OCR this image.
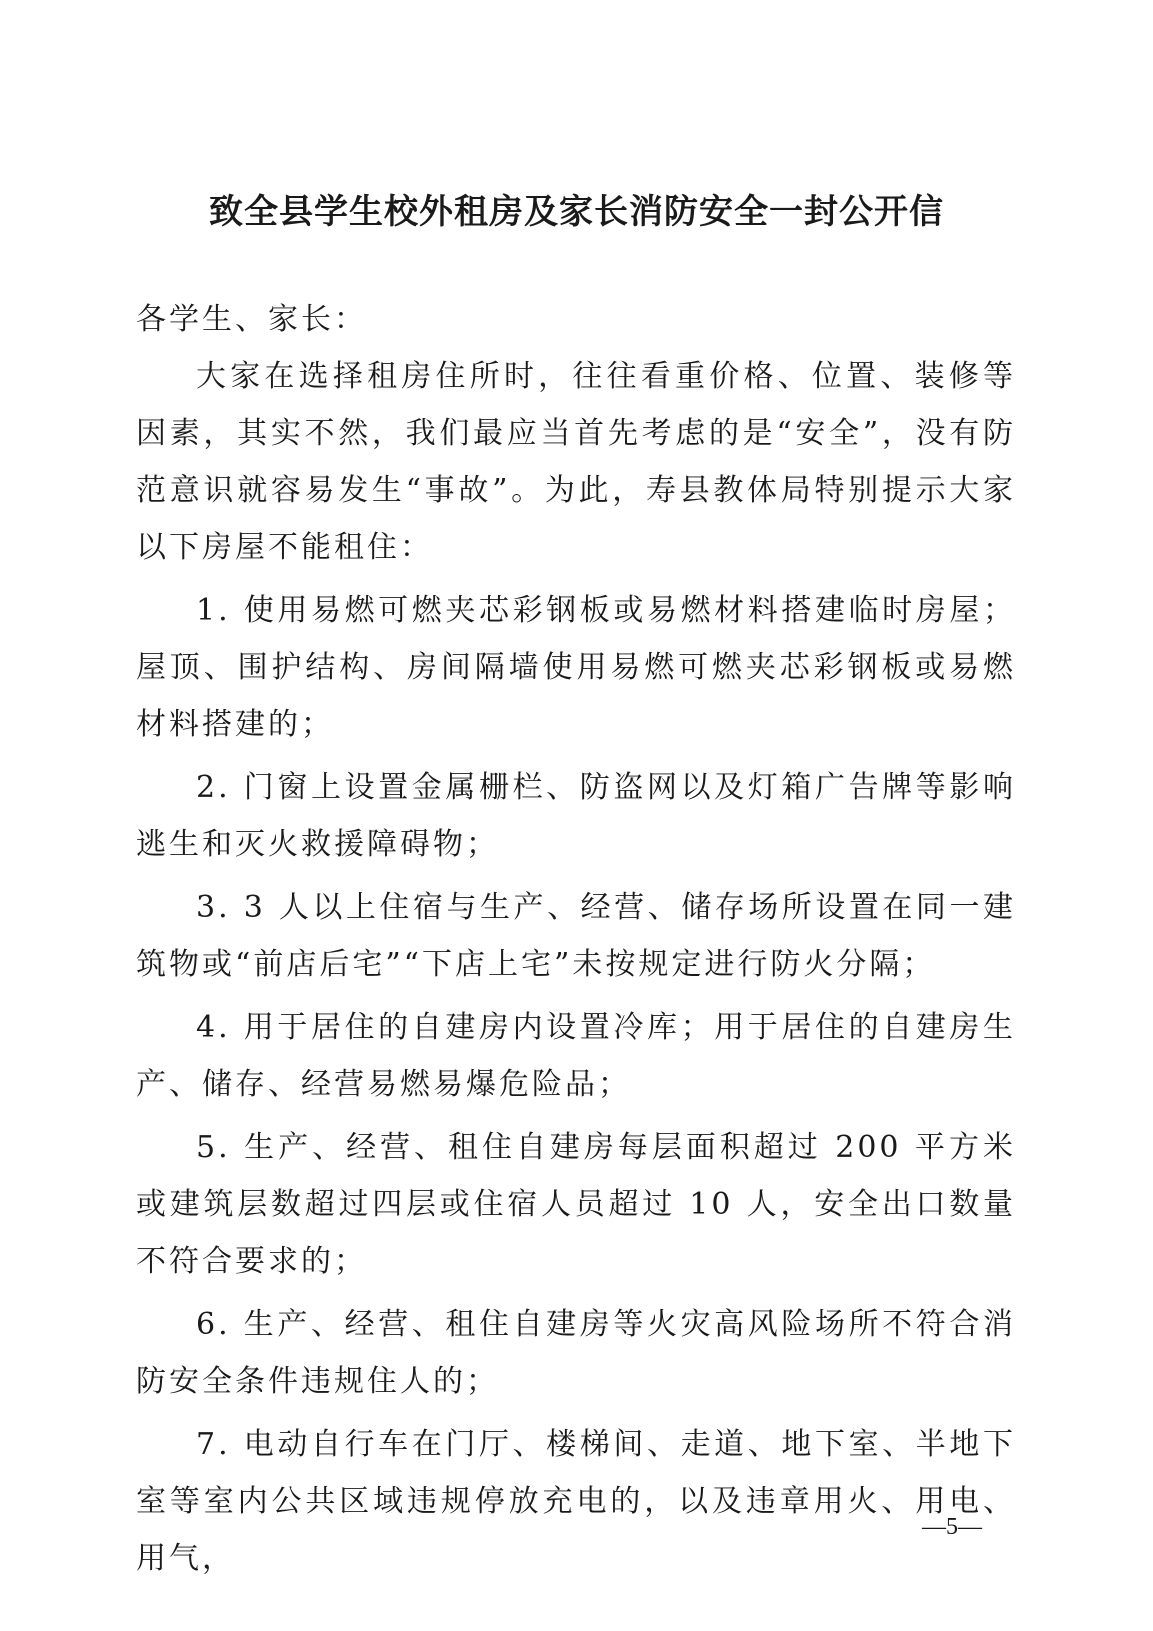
致全县学生校外租房及家长消防安全一封公开信

各学生、家长：

大家在选择租房住所时，往往看重价格、位置、装修等因素，其实不然，我们最应当首先考虑的是“安全”，没有防范意识就容易发生“事故”。为此，寿县教体局特别提示大家以下房屋不能租住：

1. 使用易燃可燃夹芯彩钢板或易燃材料搭建临时房屋；屋顶、围护结构、房间隔墙使用易燃可燃夹芯彩钢板或易燃材料搭建的；

2. 门窗上设置金属栅栏、防盗网以及灯箱广告牌等影响逃生和灭火救援障碍物；

3. 3 人以上住宿与生产、经营、储存场所设置在同一建筑物或“前店后宅”“下店上宅”未按规定进行防火分隔；

4. 用于居住的自建房内设置冷库；用于居住的自建房生产、储存、经营易燃易爆危险品；

5. 生产、经营、租住自建房每层面积超过 200 平方米或建筑层数超过四层或住宿人员超过 10 人，安全出口数量不符合要求的；

6. 生产、经营、租住自建房等火灾高风险场所不符合消防安全条件违规住人的；

7. 电动自行车在门厅、楼梯间、走道、地下室、半地下室等室内公共区域违规停放充电的，以及违章用火、用电、用气，

—5—
